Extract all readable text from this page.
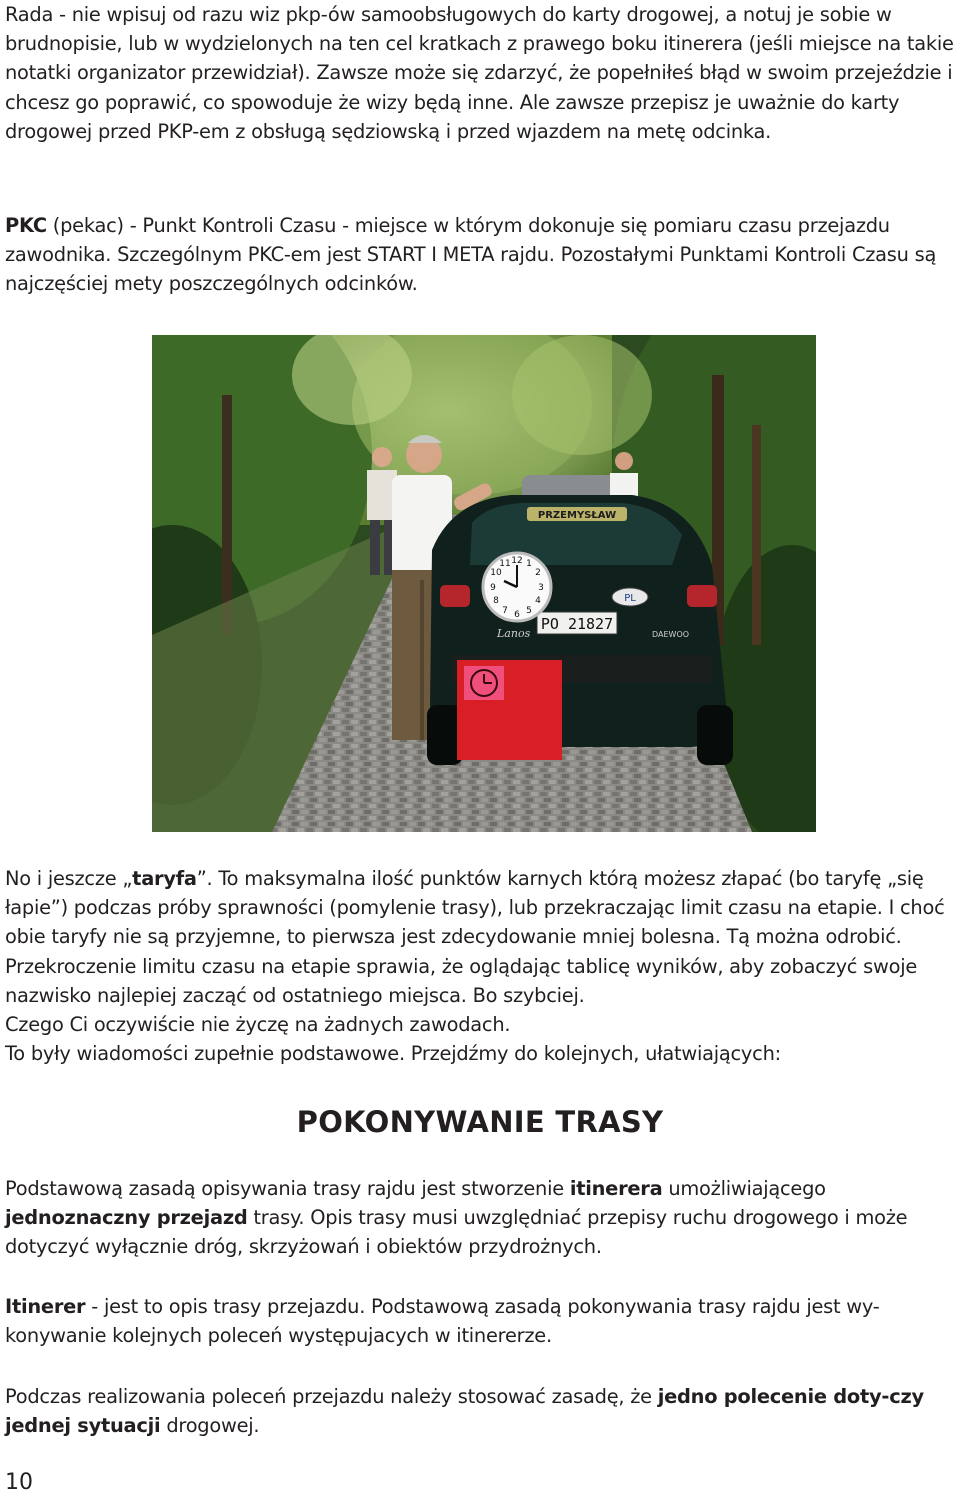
Rada - nie wpisuj od razu wiz pkp-ów samoobsługowych do karty drogowej, a notuj je sobie w brudnopisie, lub w wydzielonych na ten cel kratkach z prawego boku itinerera (jeśli miejsce na takie notatki organizator przewidział). Zawsze może się zdarzyć, że popełniłeś błąd w swoim przejeździe i chcesz go poprawić, co spowoduje że wizy będą inne. Ale zawsze przepisz je uważnie do karty drogowej przed PKP-em z obsługą sędziowską i przed wjazdem na metę odcinka.

PKC (pekac) - Punkt Kontroli Czasu - miejsce w którym dokonuje się pomiaru czasu przejazdu zawodnika. Szczególnym PKC-em jest START I META rajdu. Pozostałymi Punktami Kontroli Czasu są najczęściej mety poszczególnych odcinków.

PRZEMYSŁAW
PL
PO 21827
Lanos	DAEWOO
12 1
2
3
4
5
6
7
8
9
10
11

No i jeszcze „taryfa”. To maksymalna ilość punktów karnych którą możesz złapać (bo taryfę „się łapie”) podczas próby sprawności (pomylenie trasy), lub przekraczając limit czasu na etapie. I choć obie taryfy nie są przyjemne, to pierwsza jest zdecydowanie mniej bolesna. Tą można odrobić. Przekroczenie limitu czasu na etapie sprawia, że oglądając tablicę wyników, aby zobaczyć swoje nazwisko najlepiej zacząć od ostatniego miejsca. Bo szybciej.
Czego Ci oczywiście nie życzę na żadnych zawodach.
To były wiadomości zupełnie podstawowe. Przejdźmy do kolejnych, ułatwiających:

POKONYWANIE TRASY

Podstawową zasadą opisywania trasy rajdu jest stworzenie itinerera umożliwiającego jednoznaczny przejazd trasy. Opis trasy musi uwzględniać przepisy ruchu drogowego i może dotyczyć wyłącznie dróg, skrzyżowań i obiektów przydrożnych.

Itinerer - jest to opis trasy przejazdu. Podstawową zasadą pokonywania trasy rajdu jest wy-konywanie kolejnych poleceń występujacych w itinererze.

Podczas realizowania poleceń przejazdu należy stosować zasadę, że jedno polecenie doty-czy jednej sytuacji drogowej.

10
